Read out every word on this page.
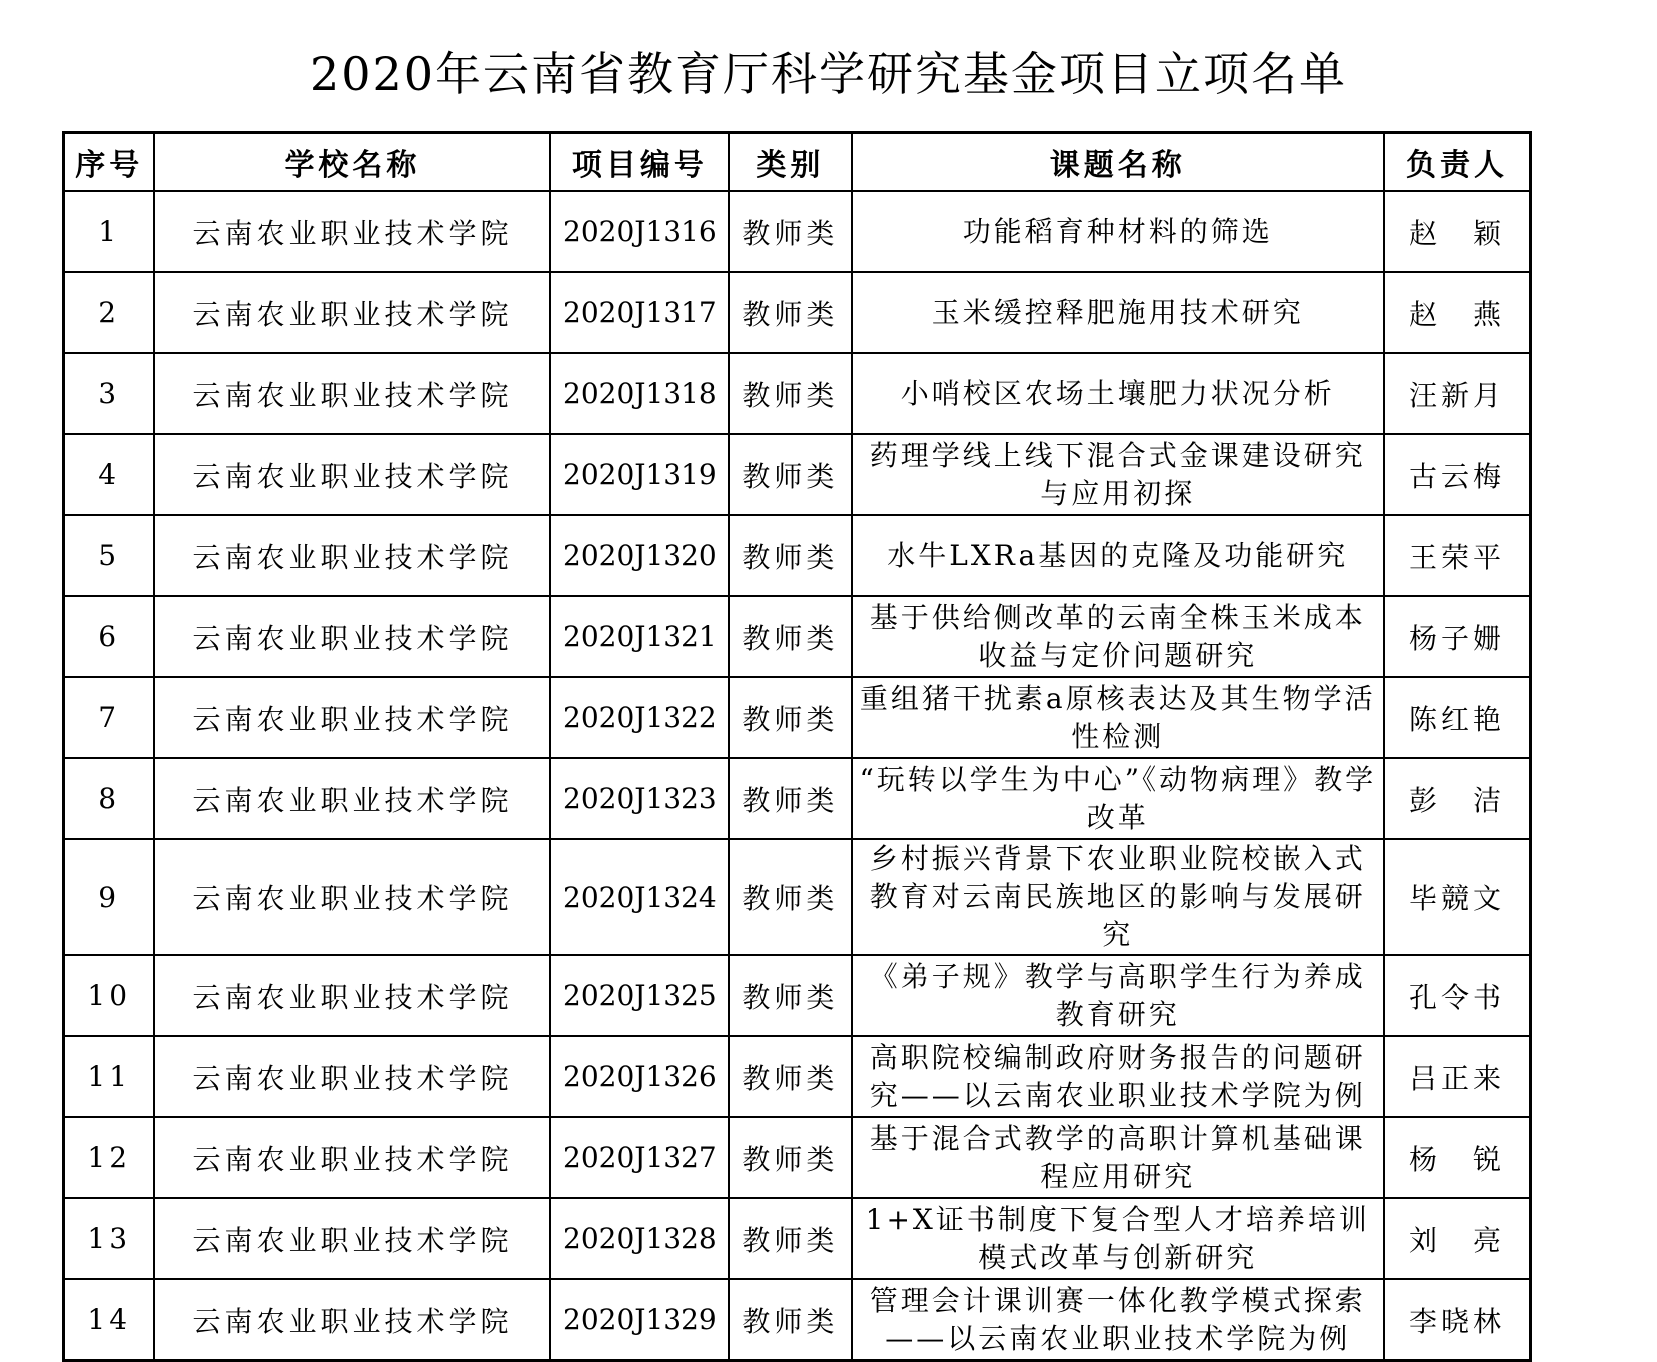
2020年云南省教育厅科学研究基金项目立项名单
序号	学校名称	项目编号	类别	课题名称	负责人
1	云南农业职业技术学院	2020J1316	教师类	功能稻育种材料的筛选	赵　颖
2	云南农业职业技术学院	2020J1317	教师类	玉米缓控释肥施用技术研究	赵　燕
3	云南农业职业技术学院	2020J1318	教师类	小哨校区农场土壤肥力状况分析	汪新月
4	云南农业职业技术学院	2020J1319	教师类	药理学线上线下混合式金课建设研究与应用初探	古云梅
5	云南农业职业技术学院	2020J1320	教师类	水牛LXRa基因的克隆及功能研究	王荣平
6	云南农业职业技术学院	2020J1321	教师类	基于供给侧改革的云南全株玉米成本收益与定价问题研究	杨子姗
7	云南农业职业技术学院	2020J1322	教师类	重组猪干扰素a原核表达及其生物学活性检测	陈红艳
8	云南农业职业技术学院	2020J1323	教师类	“玩转以学生为中心”《动物病理》教学改革	彭　洁
9	云南农业职业技术学院	2020J1324	教师类	乡村振兴背景下农业职业院校嵌入式教育对云南民族地区的影响与发展研究	毕競文
10	云南农业职业技术学院	2020J1325	教师类	《弟子规》教学与高职学生行为养成教育研究	孔令书
11	云南农业职业技术学院	2020J1326	教师类	高职院校编制政府财务报告的问题研究——以云南农业职业技术学院为例	吕正来
12	云南农业职业技术学院	2020J1327	教师类	基于混合式教学的高职计算机基础课程应用研究	杨　锐
13	云南农业职业技术学院	2020J1328	教师类	1+X证书制度下复合型人才培养培训模式改革与创新研究	刘　亮
14	云南农业职业技术学院	2020J1329	教师类	管理会计课训赛一体化教学模式探索——以云南农业职业技术学院为例	李晓林
